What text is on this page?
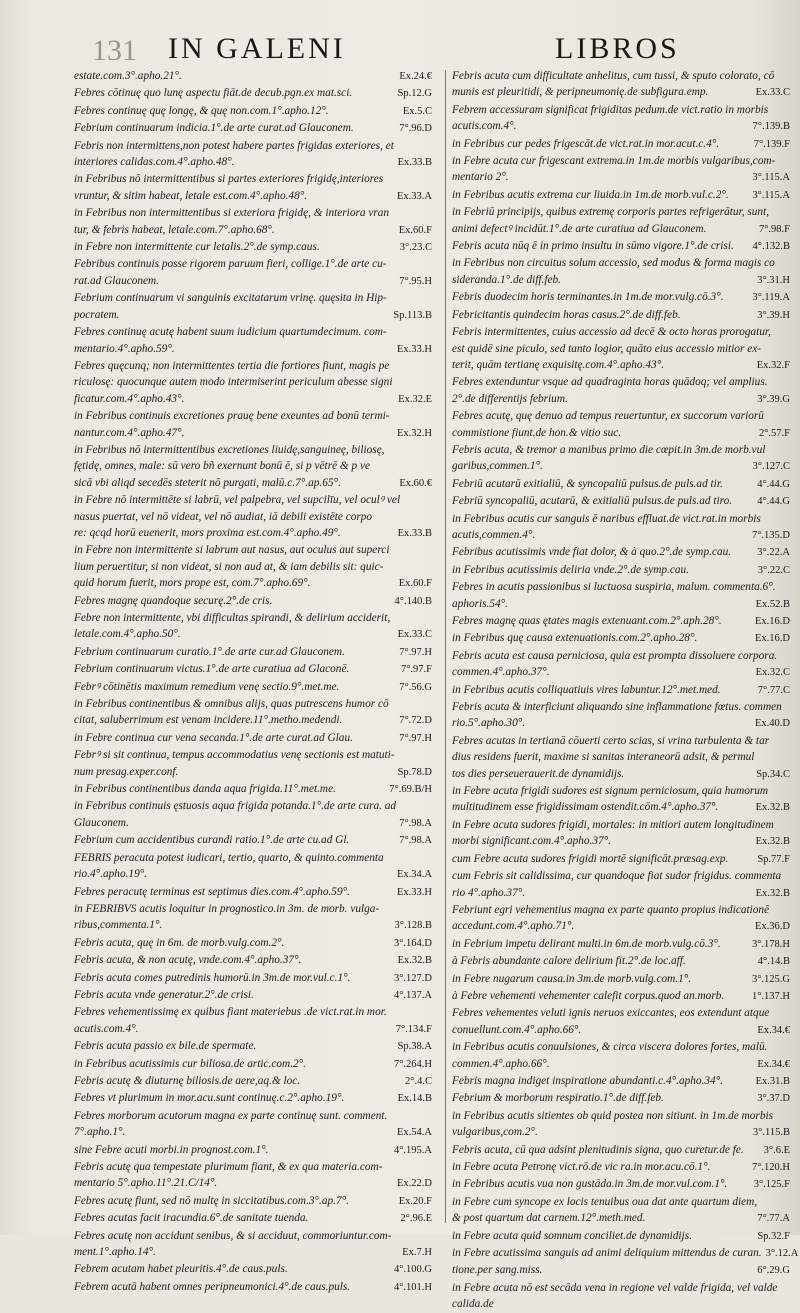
131 IN GALENI	LIBROS
estate.com.3°.apho.21°.	Ex.24.€
Febres cōtinuę quo lunę aspectu fiāt.de decub.pgn.ex mat.sci.	Sp.12.G
Febres continuę quę longę, & quę non.com.1°.apho.12°.	Ex.5.C
Febrium continuarum indicia.1°.de arte curat.ad Glauconem.	7°.96.D
Febris non intermittens,non potest habere partes frigidas exteriores, et
interiores calidas.com.4°.apho.48°.	Ex.33.B
in Febribus nō intermittentibus si partes exteriores frigidę,interiores
vruntur, & sitim habeat, letale est.com.4°.apho.48°.	Ex.33.A
in Febribus non intermittentibus si exteriora frigidę, & interiora vran
tur, & febris habeat, letale.com.7°.apho.68°.	Ex.60.F
in Febre non intermittente cur letalis.2°.de symp.caus.	3°.23.C
Febribus continuis posse rigorem paruum fieri, collige.1°.de arte cu-
rat.ad Glauconem.	7°.95.H
Febrium continuarum vi sanguinis excitatarum vrinę. quęsita in Hip-
pocratem.	Sp.113.B
Febres continuę acutę habent suum iudicium quartumdecimum. com-
mentario.4°.apho.59°.	Ex.33.H
Febres quęcunq; non intermittentes tertia die fortiores fiunt, magis pe
riculosę: quocunque autem modo intermiserint periculum abesse signi
ficatur.com.4°.apho.43°.	Ex.32.E
in Febribus continuis excretiones prauę bene exeuntes ad bonū termi-
nantur.com.4°.apho.47°.	Ex.32.H
in Febribus nō intermittentibus excretiones liuidę,sanguineę, biliosę,
fętidę, omnes, male: sū vero bñ exernunt bonū ē, si p vētrē & p ve
sicā vbi aliqd secedēs steterit nō purgati, malū.c.7°.ap.65°.	Ex.60.€
in Febre nō intermittēte si labrū, vel palpebra, vel supcilīu, vel oculꝰ vel
nasus puertat, vel nō videat, vel nō audiat, iā debili existēte corpo
re: qcqd horū euenerit, mors proxima est.com.4°.apho.49°.	Ex.33.B
in Febre non intermittente si labrum aut nasus, aut oculus aut superci
lium peruertitur, si non videat, si non aud at, & iam debilis sit: quic-
quid horum fuerit, mors prope est, com.7°.apho.69°.	Ex.60.F
Febres magnę quandoque securę.2°.de cris.	4°.140.B
Febre non intermittente, vbi difficultas spirandi, & delirium acciderit,
letale.com.4°.apho.50°.	Ex.33.C
Febrium continuarum curatio.1°.de arte cur.ad Glauconem.	7°.97.H
Febrium continuarum victus.1°.de arte curatiua ad Glaconē.	7°.97.F
Febrꝰ cōtinētis maximum remedium venę sectio.9°.met.me.	7°.56.G
in Febribus continentibus & omnibus alijs, quas putrescens humor cō
citat, saluberrimum est venam incidere.11°.metho.medendi.	7°.72.D
in Febre continua cur vena secanda.1°.de arte curat.ad Glau.	7°.97.H
Febrꝰ si sit continua, tempus accommodatius venę sectionis est matuti-
num presag.exper.conf.	Sp.78.D
in Febribus continentibus danda aqua frigida.11°.met.me.	7°.69.B/H
in Febribus continuis ęstuosis aqua frigida potanda.1°.de arte cura. ad
Glauconem.	7°.98.A
Febrium cum accidentibus curandi ratio.1°.de arte cu.ad Gl.	7°.98.A
FEBRIS peracuta potest iudicari, tertio, quarto, & quinto.commenta
rio.4°.apho.19°.	Ex.34.A
Febres peracutę terminus est septimus dies.com.4°.apho.59°.	Ex.33.H
in FEBRIBVS acutis loquitur in prognostico.in 3m. de morb. vulga-
ribus,commenta.1°.	3°.128.B
Febris acuta, quę in 6m. de morb.vulg.com.2°.	3°.164.D
Febris acuta, & non acutę, vnde.com.4°.apho.37°.	Ex.32.B
Febris acuta comes putredinis humorū.in 3m.de mor.vul.c.1°.	3°.127.D
Febris acuta vnde generatur.2°.de crisi.	4°.137.A
Febres vehementissimę ex quibus fiant materiebus .de vict.rat.in mor.
acutis.com.4°.	7°.134.F
Febris acuta passio ex bile.de spermate.	Sp.38.A
in Febribus acutissimis cur biliosa.de artic.com.2°.	7°.264.H
Febris acutę & diuturnę biliosis.de aere,aq.& loc.	2°.4.C
Febres vt plurimum in mor.acu.sunt continuę.c.2°.apho.19°.	Ex.14.B
Febres morborum acutorum magna ex parte continuę sunt. comment.
7°.apho.1°.	Ex.54.A
sine Febre acuti morbi.in prognost.com.1°.	4°.195.A
Febris acutę qua tempestate plurimum fiant, & ex qua materia.com-
mentario 5°.apho.11°.21.C/14°.	Ex.22.D
Febres acutę fiunt, sed nō multę in siccitatibus.com.3°.ap.7°.	Ex.20.F
Febres acutas facit iracundia.6°.de sanitate tuenda.	2°.96.E
Febres acutę non accidunt senibus, & si acciduut, commoriuntur.com-
ment.1°.apho.14°.	Ex.7.H
Febrem acutam habet pleuritis.4°.de caus.puls.	4°.100.G
Febrem acutā habent omnes peripneumonici.4°.de caus.puls.	4°.101.H
Febris acuta cum difficultate anhelitus, cum tussi, & sputo colorato, cō
munis est pleuritidi, & peripneumonię.de subfigura.emp.	Ex.33.C
Febrem accessuram significat frigiditas pedum.de vict.ratio in morbis
acutis.com.4°.	7°.139.B
in Febribus cur pedes frigescāt.de vict.rat.in mor.acut.c.4°.	7°.139.F
in Febre acuta cur frigescant extrema.in 1m.de morbis vulgaribus,com-
mentario 2°.	3°.115.A
in Febribus acutis extrema cur liuida.in 1m.de morb.vul.c.2°. 3°.115.A
in Febriū principijs, quibus extremę corporis partes refrigerātur, sunt,
animi defectꝰ incidūt.1°.de arte curatiua ad Glauconem.	7°.98.F
Febris acuta nūq ē in primo insultu in sūmo vigore.1°.de crisi. 4°.132.B
in Febribus non circuitus solum accessio, sed modus & forma magis co
sideranda.1°.de diff.feb.	3°.31.H
Febris duodecim horis terminantes.in 1m.de mor.vulg.cō.3°.	3°.119.A
Febricitantis quindecim horas casus.2°.de diff.feb.	3°.39.H
Febris intermittentes, cuius accessio ad decē & octo horas prorogatur,
est quidē sine piculo, sed tanto logior, quāto eius accessio mitior ex-
terit, quām tertianę exquisitę.com.4°.apho.43°.	Ex.32.F
Febres extenduntur vsque ad quadraginta horas quādoq; vel amplius.
2°.de differentijs febrium.	3°.39.G
Febres acutę, quę denuo ad tempus reuertuntur, ex succorum variorū
commistione fiunt.de hon.& vitio suc.	2°.57.F
Febris acuta, & tremor a manibus primo die cœpit.in 3m.de morb.vul
garibus,commen.1°.	3°.127.C
Febriū acutarū exitialiū, & syncopaliū pulsus.de puls.ad tir.	4°.44.G
Febriū syncopaliū, acutarū, & exitialiū pulsus.de puls.ad tiro. 4°.44.G
in Febribus acutis cur sanguis ē naribus effluat.de vict.rat.in morbis
acutis,commen.4°.	7°.135.D
Febribus acutissimis vnde fiat dolor, & à quo.2°.de symp.cau. 3°.22.A
in Febribus acutissimis deliria vnde.2°.de symp.cau.	3°.22.C
Febres in acutis passionibus si luctuosa suspiria, malum. commenta.6°.
aphoris.54°.	Ex.52.B
Febres magnę quas ętates magis extenuant.com.2°.aph.28°.	Ex.16.D
in Febribus quę causa extenuationis.com.2°.apho.28°.	Ex.16.D
Febris acuta est causa perniciosa, quia est prompta dissoluere corpora.
commen.4°.apho.37°.	Ex.32.C
in Febribus acutis colliquatiuis vires labuntur.12°.met.med.	7°.77.C
Febris acuta & interficiunt aliquando sine inflammatione fœtus. commen
rio.5°.apho.30°.	Ex.40.D
Febres acutas in tertianā cōuerti certo scias, si vrina turbulenta & tar
dius residens fuerit, maxime si sanitas interaneorū adsit, & permul
tos dies perseuerauerit.de dynamidijs.	Sp.34.C
in Febre acuta frigidi sudores est signum perniciosum, quia humorum
multitudinem esse frigidissimam ostendit.cōm.4°.apho.37°.	Ex.32.B
in Febre acuta sudores frigidi, mortales: in mitiori autem longitudinem
morbi significant.com.4°.apho.37°.	Ex.32.B
cum Febre acuta sudores frigidi mortē significāt.præsag.exp.	Sp.77.F
cum Febris sit calidissima, cur quandoque fiat sudor frigidus. commenta
rio 4°.apho.37°.	Ex.32.B
Febriunt egri vehementius magna ex parte quanto propius indicationē
accedunt.com.4°.apho.71°.	Ex.36.D
in Febrium impetu delirant multi.in 6m.de morb.vulg.cō.3°.	3°.178.H
à Febris abundante calore delirium fit.2°.de loc.aff.	4°.14.B
in Febre nugarum causa.in 3m.de morb.vulg.com.1°.	3°.125.G
à Febre vehementi vehementer calefit corpus.quod an.morb.	1°.137.H
Febres vehementes veluti ignis neruos exiccantes, eos extendunt atque
conuellunt.com.4°.apho.66°.	Ex.34.€
in Febribus acutis conuulsiones, & circa viscera dolores fortes, malū.
commen.4°.apho.66°.	Ex.34.€
Febris magna indiget inspiratione abundanti.c.4°.apho.34°.	Ex.31.B
Febrium & morborum respiratio.1°.de diff.feb.	3°.37.D
in Febribus acutis sitientes ob quid postea non sitiunt. in 1m.de morbis
vulgaribus,com.2°.	3°.115.B
Febris acuta, cū qua adsint plenitudinis signa, quo curetur.de fe. 3°.6.E
in Febre acuta Petronę vict.rō.de vic ra.in mor.acu.cō.1°.	7°.120.H
in Febribus acutis vua non gustāda.in 3m.de mor.vul.com.1°.	3°.125.F
in Febre cum syncope ex locis tenuibus oua dat ante quartum diem,
& post quartum dat carnem.12°.meth.med.	7°.77.A
in Febre acuta quid somnum conciliet.de dynamidijs.	Sp.32.F
in Febre acutissima sanguis ad animi deliquium mittendus de curan. 3°.12.A
tione.per sang.miss.	6°.29.G
in Febre acuta nō est secāda vena in regione vel valde frigida, vel valde
calida.de
